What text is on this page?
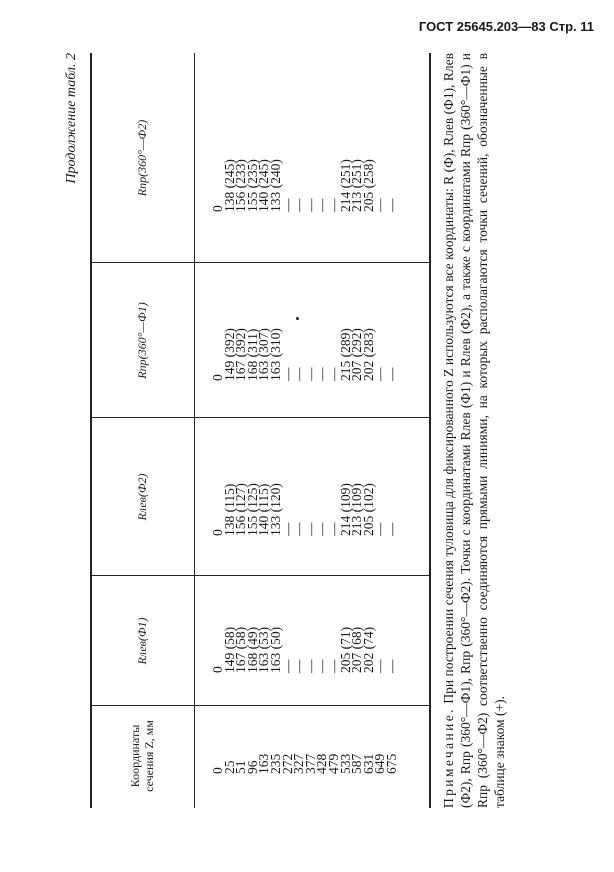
ГОСТ 25645.203—83 Стр. 11
Продолжение табл. 2
Координаты сечения Z, мм
Rлев(Ф1)
Rлев(Ф2)
Rпр(360°—Ф1)
Rпр(360°—Ф2)
0
25
51
96
163
235
272
327
377
428
479
533
587
631
649
675
0
149 (58)
167 (58)
168 (49)
163 (53)
163 (50)
—
—
—
—
—
205 (71)
207 (68)
202 (74)
—
—
0
138 (115)
156 (127)
155 (125)
140 (115)
133 (120)
—
—
—
—
—
214 (109)
213 (109)
205 (102)
—
—
0
149 (392)
167 (392)
168 (311)
163 (307)
163 (310)
—
—
—
—
—
215 (289)
207 (292)
202 (283)
—
—
0
138 (245)
156 (233)
155 (235)
140 (245)
133 (240)
—
—
—
—
—
214 (251)
213 (251)
205 (258)
—
—
Примечание. При построении сечения туловища для фиксированного Z используются все координаты: R (Ф), Rлев (Ф1), Rлев (Ф2), Rпр (360°—Ф1), Rпр (360°—Ф2). Точки с координатами Rлев (Ф1) и Rлев (Ф2), а также с координатами Rпр (360°—Ф1) и Rпр (360°—Ф2) соответственно соединяются прямыми линиями, на которых располагаются точки сечений, обозначенные в таблице знаком (+).
